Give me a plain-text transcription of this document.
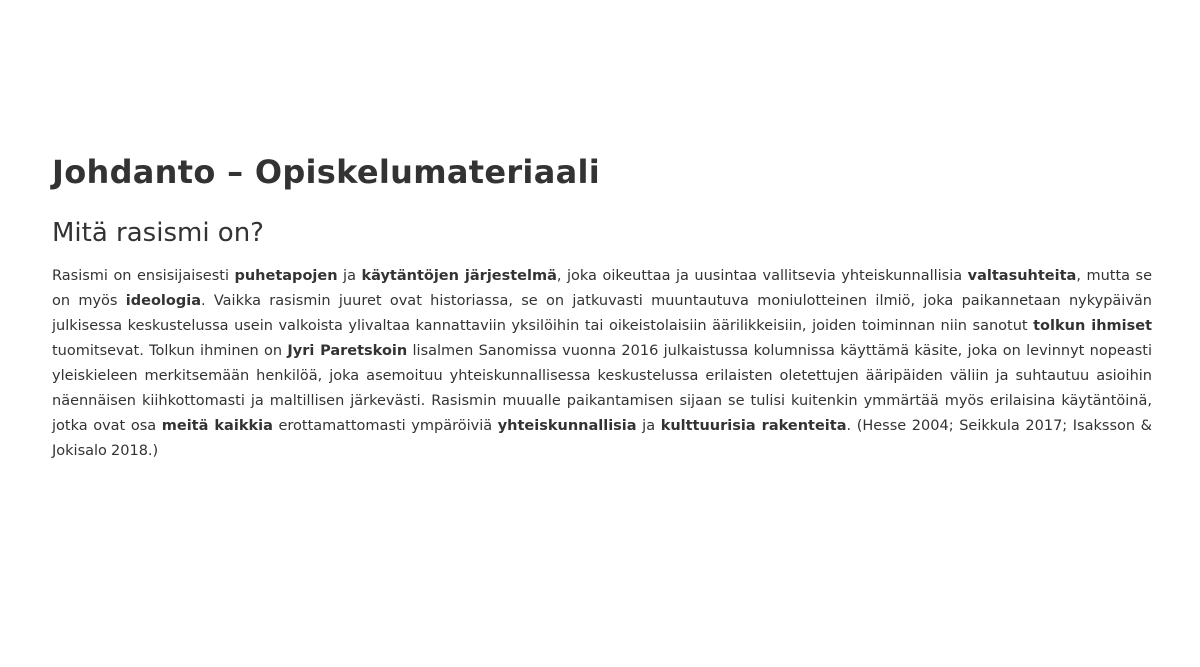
Johdanto – Opiskelumateriaali
Mitä rasismi on?

Rasismi on ensisijaisesti puhetapojen ja käytäntöjen järjestelmä, joka oikeuttaa ja uusintaa vallitsevia yhteiskunnallisia valtasuhteita, mutta se on myös ideologia. Vaikka rasismin juuret ovat historiassa, se on jatkuvasti muuntautuva moniulotteinen ilmiö, joka paikannetaan nykypäivän julkisessa keskustelussa usein valkoista ylivaltaa kannattaviin yksilöihin tai oikeistolaisiin äärilikkeisiin, joiden toiminnan niin sanotut tolkun ihmiset tuomitsevat. Tolkun ihminen on Jyri Paretskoin lisalmen Sanomissa vuonna 2016 julkaistussa kolumnissa käyttämä käsite, joka on levinnyt nopeasti yleiskieleen merkitsemään henkilöä, joka asemoituu yhteiskunnallisessa keskustelussa erilaisten oletettujen ääripäiden väliin ja suhtautuu asioihin näennäisen kiihkottomasti ja maltillisen järkevästi. Rasismin muualle paikantamisen sijaan se tulisi kuitenkin ymmärtää myös erilaisina käytäntöinä, jotka ovat osa meitä kaikkia erottamattomasti ympäröiviä yhteiskunnallisia ja kulttuurisia rakenteita. (Hesse 2004; Seikkula 2017; Isaksson & Jokisalo 2018.)
